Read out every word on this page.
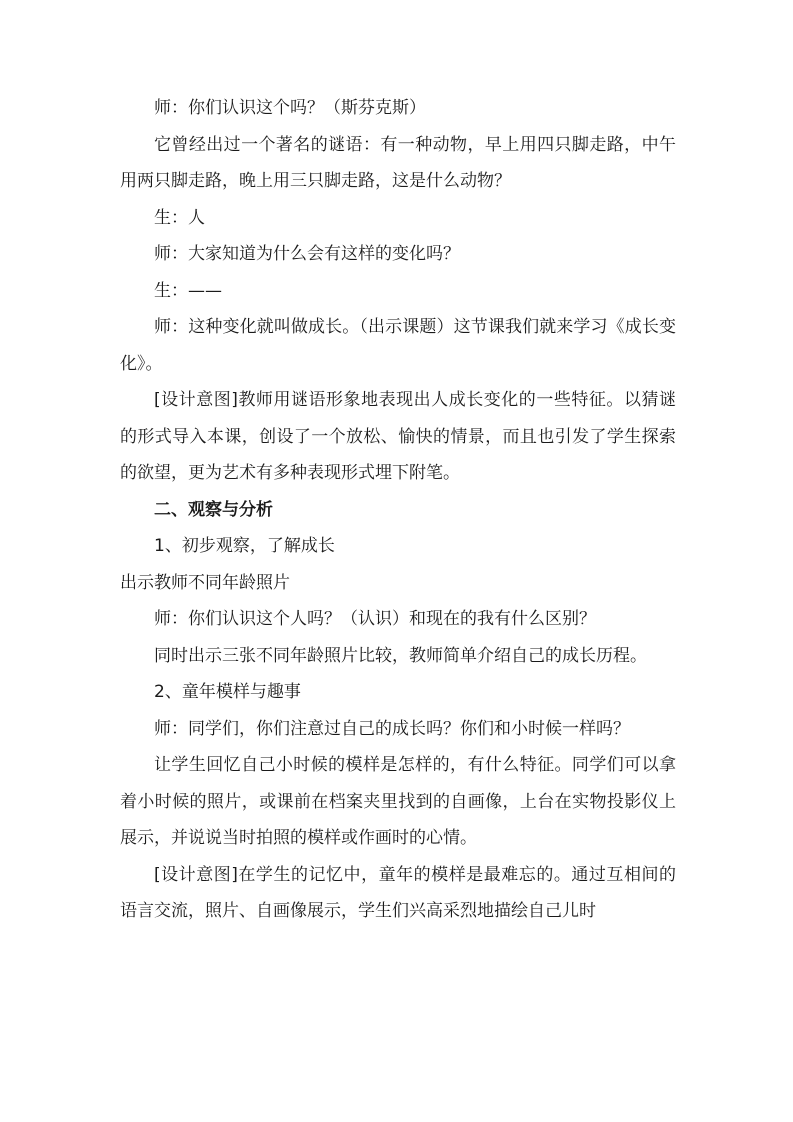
师：你们认识这个吗？（斯芬克斯）

它曾经出过一个著名的谜语：有一种动物，早上用四只脚走路，中午用两只脚走路，晚上用三只脚走路，这是什么动物？

生：人

师：大家知道为什么会有这样的变化吗？

生：——

师：这种变化就叫做成长。（出示课题）这节课我们就来学习《成长变化》。

[设计意图]教师用谜语形象地表现出人成长变化的一些特征。以猜谜的形式导入本课，创设了一个放松、愉快的情景，而且也引发了学生探索的欲望，更为艺术有多种表现形式埋下附笔。

二、观察与分析

1、初步观察，了解成长

出示教师不同年龄照片

师：你们认识这个人吗？（认识）和现在的我有什么区别？

同时出示三张不同年龄照片比较，教师简单介绍自己的成长历程。

2、童年模样与趣事

师：同学们，你们注意过自己的成长吗？你们和小时候一样吗？

让学生回忆自己小时候的模样是怎样的，有什么特征。同学们可以拿着小时候的照片，或课前在档案夹里找到的自画像，上台在实物投影仪上展示，并说说当时拍照的模样或作画时的心情。

[设计意图]在学生的记忆中，童年的模样是最难忘的。通过互相间的语言交流，照片、自画像展示，学生们兴高采烈地描绘自己儿时
